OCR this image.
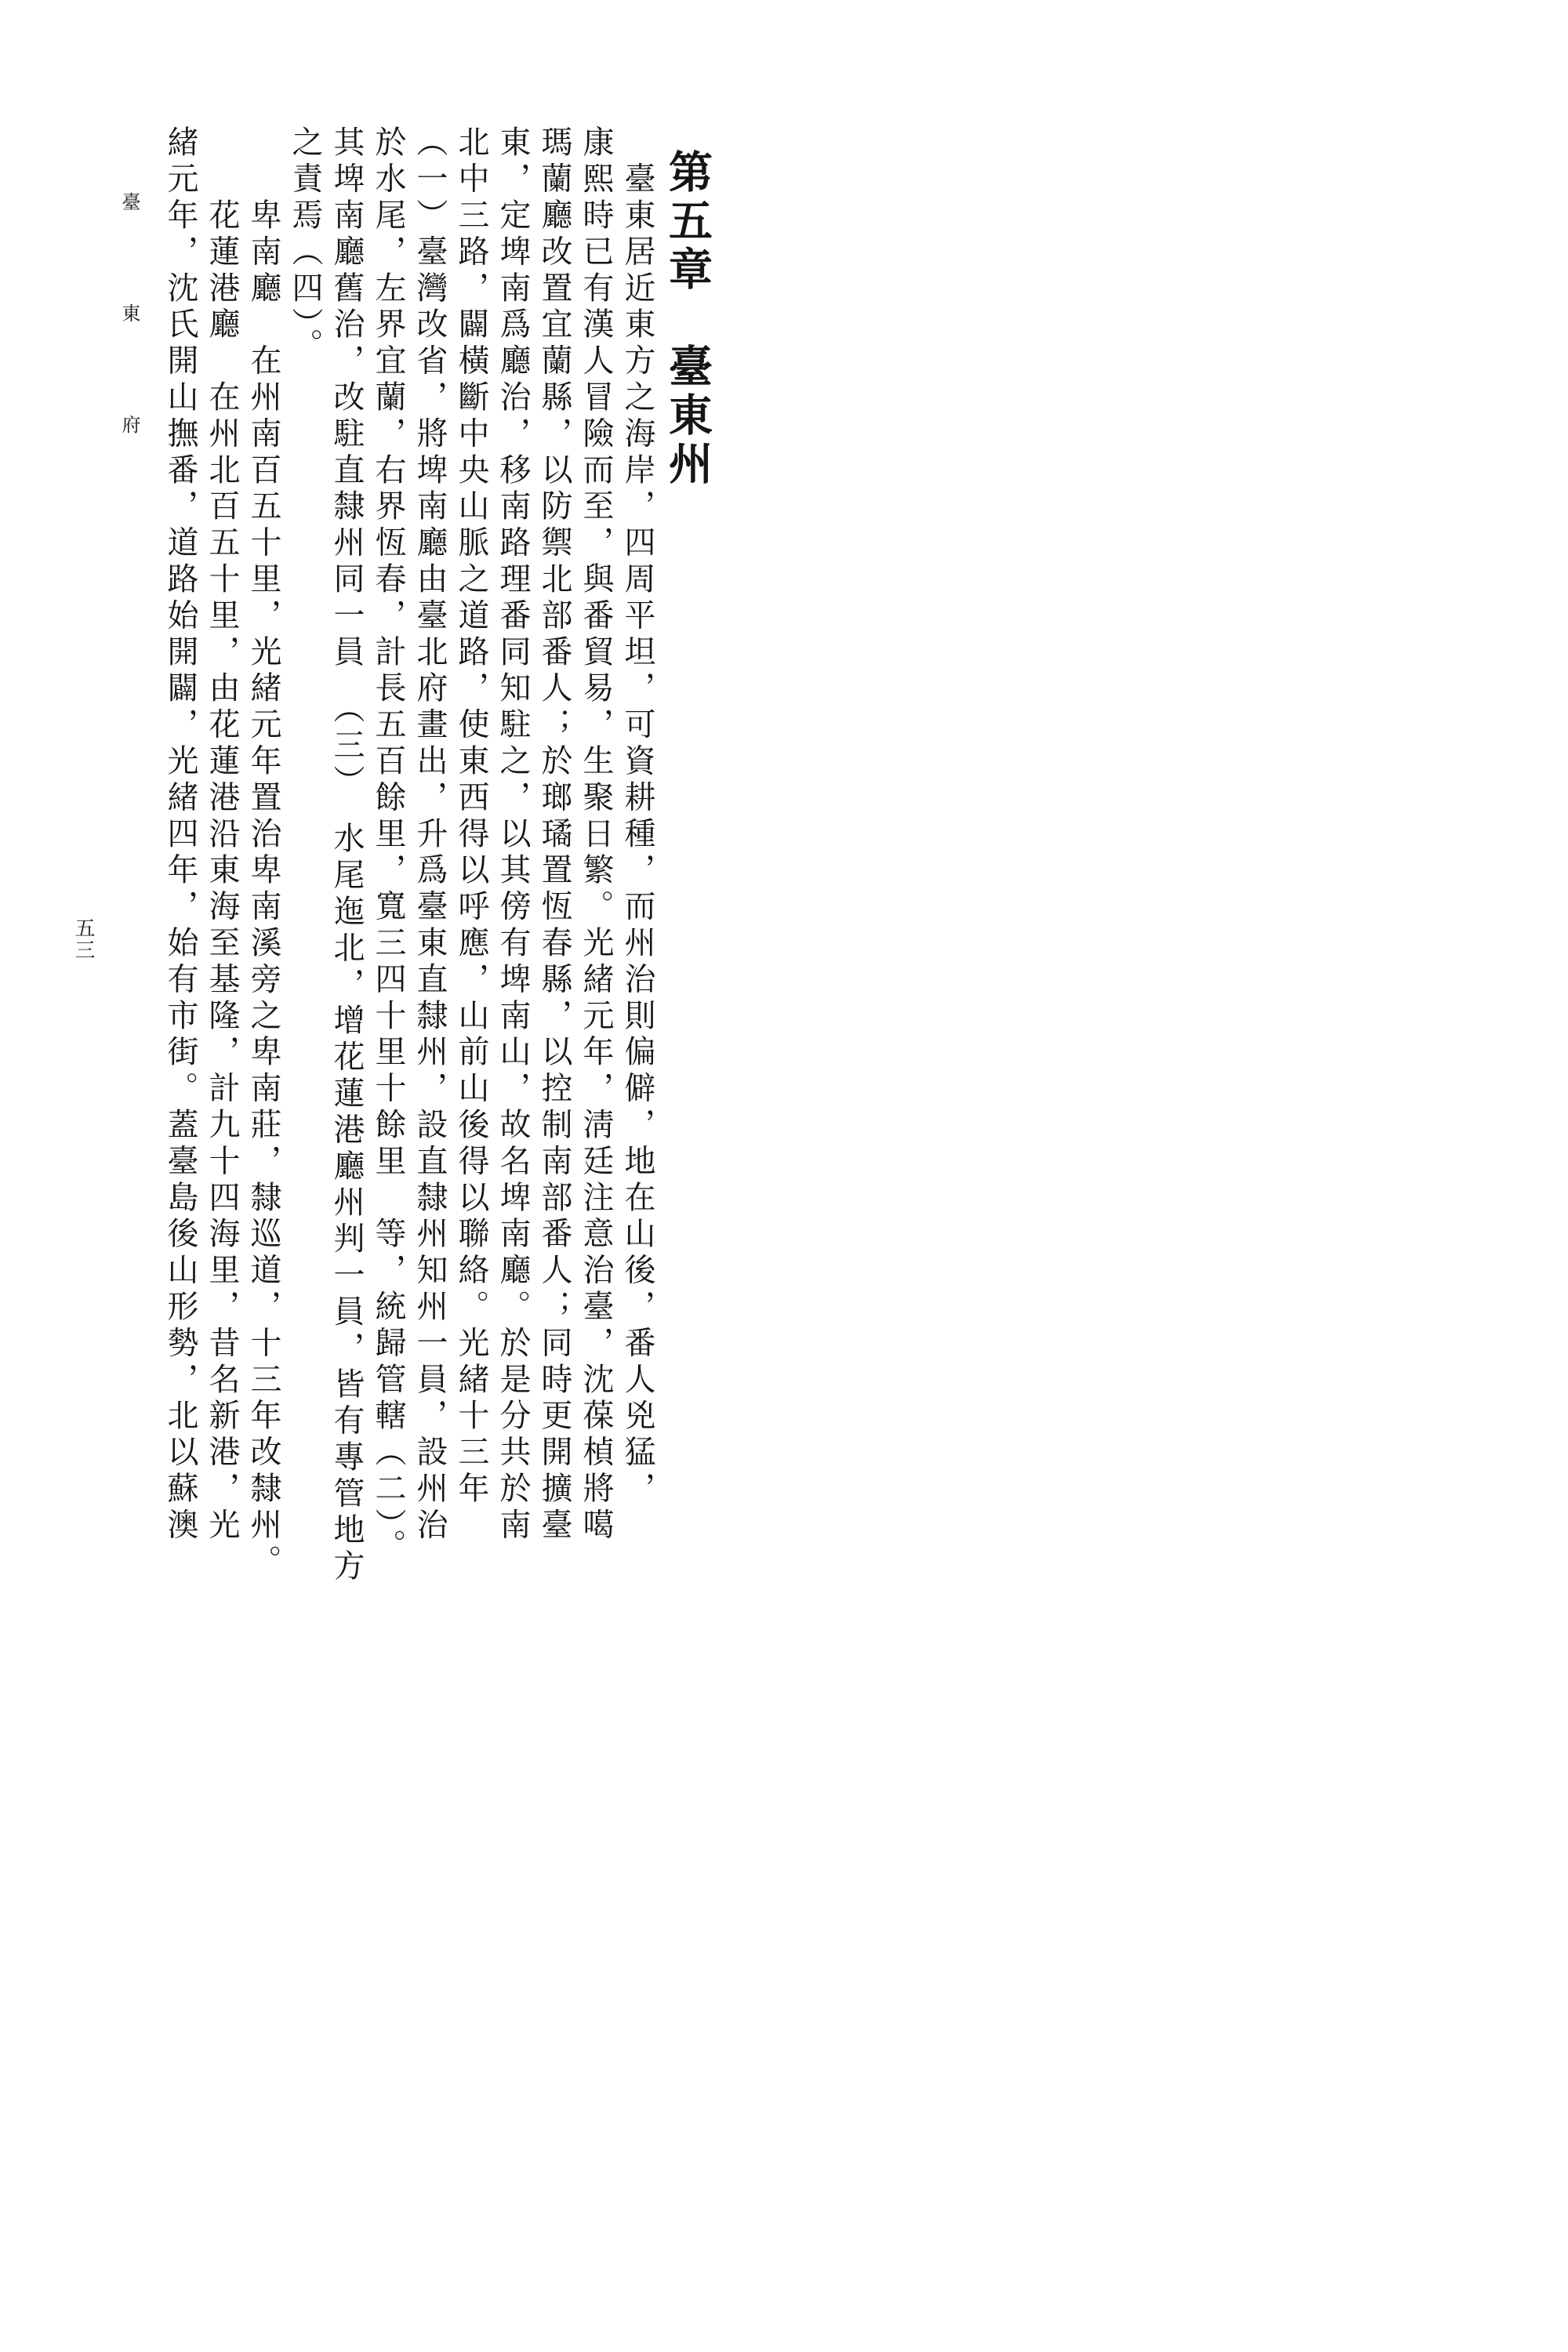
第五章　臺東州
　臺東居近東方之海岸，四周平坦，可資耕種，而州治則偏僻，地在山後，番人兇猛，
康熙時已有漢人冒險而至，與番貿易，生聚日繁。光緒元年，淸廷注意治臺，沈葆楨將噶
瑪蘭廳改置宜蘭縣，以防禦北部番人；於瑯璚置恆春縣，以控制南部番人；同時更開擴臺
東，定埤南爲廳治，移南路理番同知駐之，以其傍有埤南山，故名埤南廳。於是分共於南
北中三路，闢橫斷中央山脈之道路，使東西得以呼應，山前山後得以聯絡。光緒十三年
（一）臺灣改省，將埤南廳由臺北府畫出，升爲臺東直隸州，設直隸州知州一員，設州治
於水尾，左界宜蘭，右界恆春，計長五百餘里，寬三四十里十餘里　等，統歸管轄（二）。
其埤南廳舊治，改駐直隸州同一員　（三）　水尾迤北，增花蓮港廳州判一員，皆有專管地方
之責焉（四）。
　　卑南廳　在州南百五十里，光緒元年置治卑南溪旁之卑南莊，隸巡道，十三年改隸州。
　　花蓮港廳　在州北百五十里，由花蓮港沿東海至基隆，計九十四海里，昔名新港，光
緒元年，沈氏開山撫番，道路始開闢，光緒四年，始有市街。蓋臺島後山形勢，北以蘇澳
臺東府
五三
